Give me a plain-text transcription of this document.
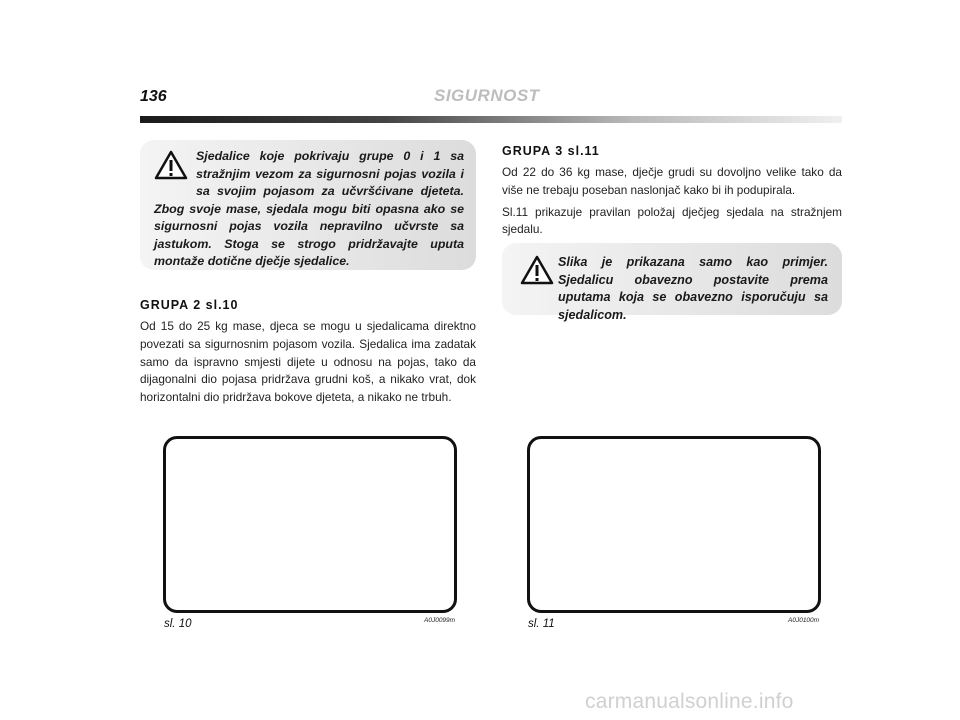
136	SIGURNOST
Sjedalice koje pokrivaju grupe 0 i 1 sa stražnjim vezom za sigurnosni pojas vozila i sa svojim pojasom za učvršćivane djeteta. Zbog svoje mase, sjedala mogu biti opasna ako se sigurnosni pojas vozila nepravilno učvrste sa jastukom. Stoga se strogo pridržavajte uputa montaže dotične dječje sjedalice.
GRUPA 2 sl.10
Od 15 do 25 kg mase, djeca se mogu u sjedalicama direktno povezati sa sigurnosnim pojasom vozila. Sjedalica ima zadatak samo da ispravno smjesti dijete u odnosu na pojas, tako da dijagonalni dio pojasa pridržava grudni koš, a nikako vrat, dok horizontalni dio pridržava bokove djeteta, a nikako ne trbuh.
GRUPA 3 sl.11
Od 22 do 36 kg mase, dječje grudi su dovoljno velike tako da više ne trebaju poseban naslonjač kako bi ih podupirala.
Sl.11 prikazuje pravilan položaj dječjeg sjedala na stražnjem sjedalu.
Slika je prikazana samo kao primjer. Sjedalicu obavezno postavite prema uputama koja se obavezno isporučuju sa sjedalicom.
sl. 10	A0J0099m	sl. 11	A0J0100m
carmanualsonline.info
